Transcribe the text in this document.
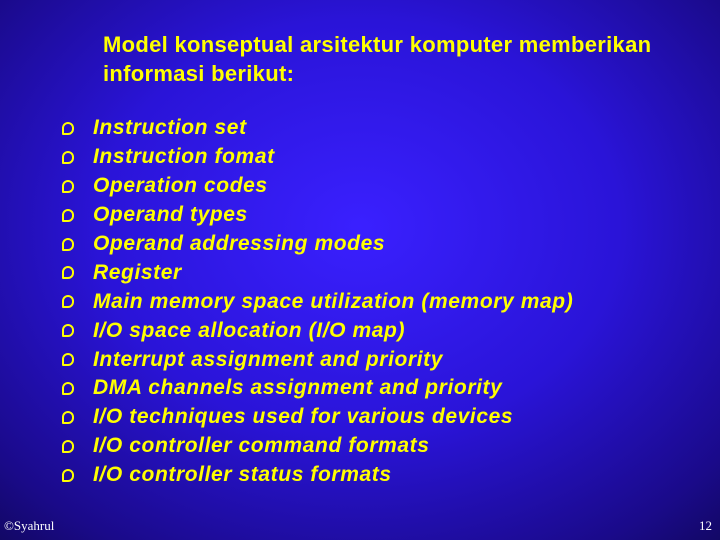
Model konseptual arsitektur komputer memberikan informasi berikut:
Instruction set
Instruction fomat
Operation codes
Operand types
Operand addressing modes
Register
Main memory space utilization (memory map)
I/O space allocation (I/O map)
Interrupt assignment and priority
DMA channels assignment and priority
I/O techniques used for various devices
I/O controller command formats
I/O controller status formats
©Syahrul	12
